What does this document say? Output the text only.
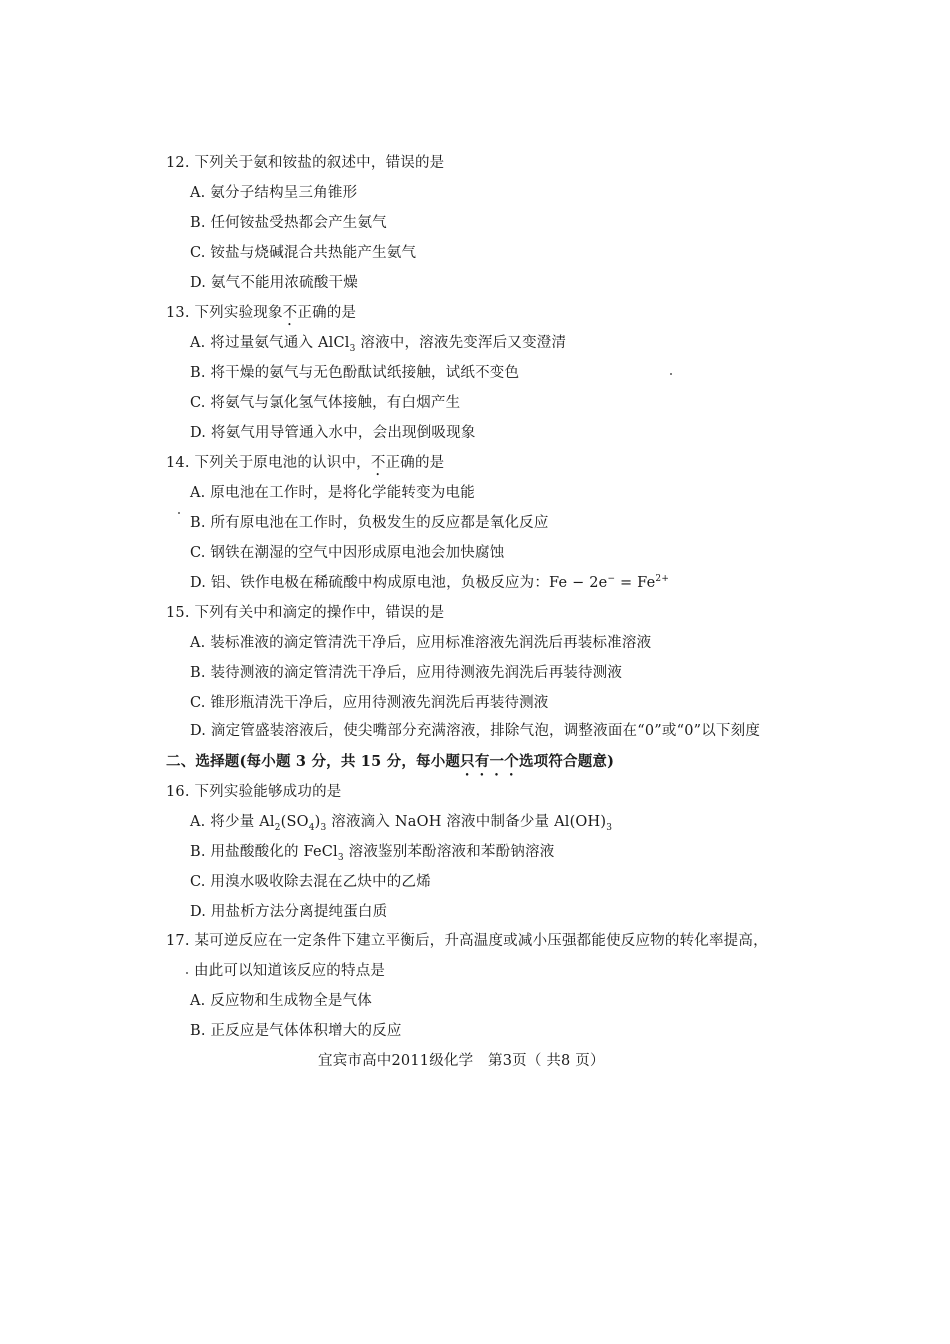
12. 下列关于氨和铵盐的叙述中，错误的是
A. 氨分子结构呈三角锥形
B. 任何铵盐受热都会产生氨气
C. 铵盐与烧碱混合共热能产生氨气
D. 氨气不能用浓硫酸干燥
13. 下列实验现象不正确的是
A. 将过量氨气通入 AlCl$_3$ 溶液中，溶液先变浑后又变澄清
B. 将干燥的氨气与无色酚酞试纸接触，试纸不变色
C. 将氨气与氯化氢气体接触，有白烟产生
D. 将氨气用导管通入水中，会出现倒吸现象
14. 下列关于原电池的认识中，不正确的是
A. 原电池在工作时，是将化学能转变为电能
B. 所有原电池在工作时，负极发生的反应都是氧化反应
C. 钢铁在潮湿的空气中因形成原电池会加快腐蚀
D. 铝、铁作电极在稀硫酸中构成原电池，负极反应为：$Fe - 2e^- = Fe^{2+}$
15. 下列有关中和滴定的操作中，错误的是
A. 装标准液的滴定管清洗干净后，应用标准溶液先润洗后再装标准溶液
B. 装待测液的滴定管清洗干净后，应用待测液先润洗后再装待测液
C. 锥形瓶清洗干净后，应用待测液先润洗后再装待测液
D. 滴定管盛装溶液后，使尖嘴部分充满溶液，排除气泡，调整液面在“0”或“0”以下刻度
二、选择题(每小题 3 分，共 15 分，每小题只有一个选项符合题意)
16. 下列实验能够成功的是
A. 将少量 $Al_2(SO_4)_3$ 溶液滴入 NaOH 溶液中制备少量 $Al(OH)_3$
B. 用盐酸酸化的 FeCl$_3$ 溶液鉴别苯酚溶液和苯酚钠溶液
C. 用溴水吸收除去混在乙炔中的乙烯
D. 用盐析方法分离提纯蛋白质
17. 某可逆反应在一定条件下建立平衡后，升高温度或减小压强都能使反应物的转化率提高，
由此可以知道该反应的特点是
A. 反应物和生成物全是气体
B. 正反应是气体体积增大的反应
宜宾市高中2011级化学　第3页（ 共8 页）
